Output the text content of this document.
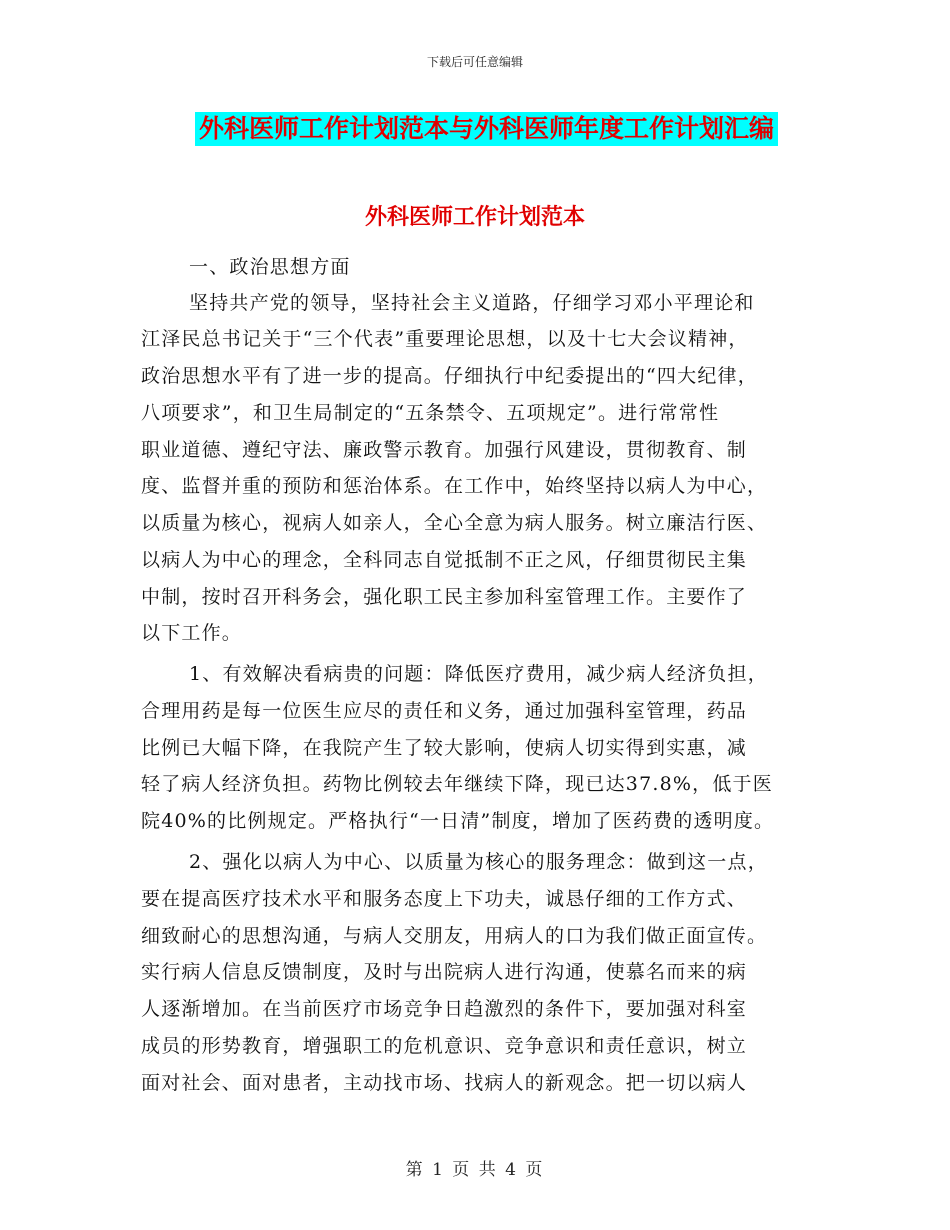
下载后可任意编辑
外科医师工作计划范本与外科医师年度工作计划汇编
外科医师工作计划范本
一、政治思想方面
坚持共产党的领导，坚持社会主义道路，仔细学习邓小平理论和
江泽民总书记关于“三个代表”重要理论思想，以及十七大会议精神，
政治思想水平有了进一步的提高。仔细执行中纪委提出的“四大纪律，
八项要求”，和卫生局制定的“五条禁令、五项规定”。进行常常性
职业道德、遵纪守法、廉政警示教育。加强行风建设，贯彻教育、制
度、监督并重的预防和惩治体系。在工作中，始终坚持以病人为中心，
以质量为核心，视病人如亲人，全心全意为病人服务。树立廉洁行医、
以病人为中心的理念，全科同志自觉抵制不正之风，仔细贯彻民主集
中制，按时召开科务会，强化职工民主参加科室管理工作。主要作了
以下工作。
1、有效解决看病贵的问题：降低医疗费用，减少病人经济负担，
合理用药是每一位医生应尽的责任和义务，通过加强科室管理，药品
比例已大幅下降，在我院产生了较大影响，使病人切实得到实惠，减
轻了病人经济负担。药物比例较去年继续下降，现已达37.8%，低于医
院40%的比例规定。严格执行“一日清”制度，增加了医药费的透明度。
2、强化以病人为中心、以质量为核心的服务理念：做到这一点，
要在提高医疗技术水平和服务态度上下功夫，诚恳仔细的工作方式、
细致耐心的思想沟通，与病人交朋友，用病人的口为我们做正面宣传。
实行病人信息反馈制度，及时与出院病人进行沟通，使慕名而来的病
人逐渐增加。在当前医疗市场竞争日趋激烈的条件下，要加强对科室
成员的形势教育，增强职工的危机意识、竞争意识和责任意识，树立
面对社会、面对患者，主动找市场、找病人的新观念。把一切以病人
第 1 页 共 4 页
